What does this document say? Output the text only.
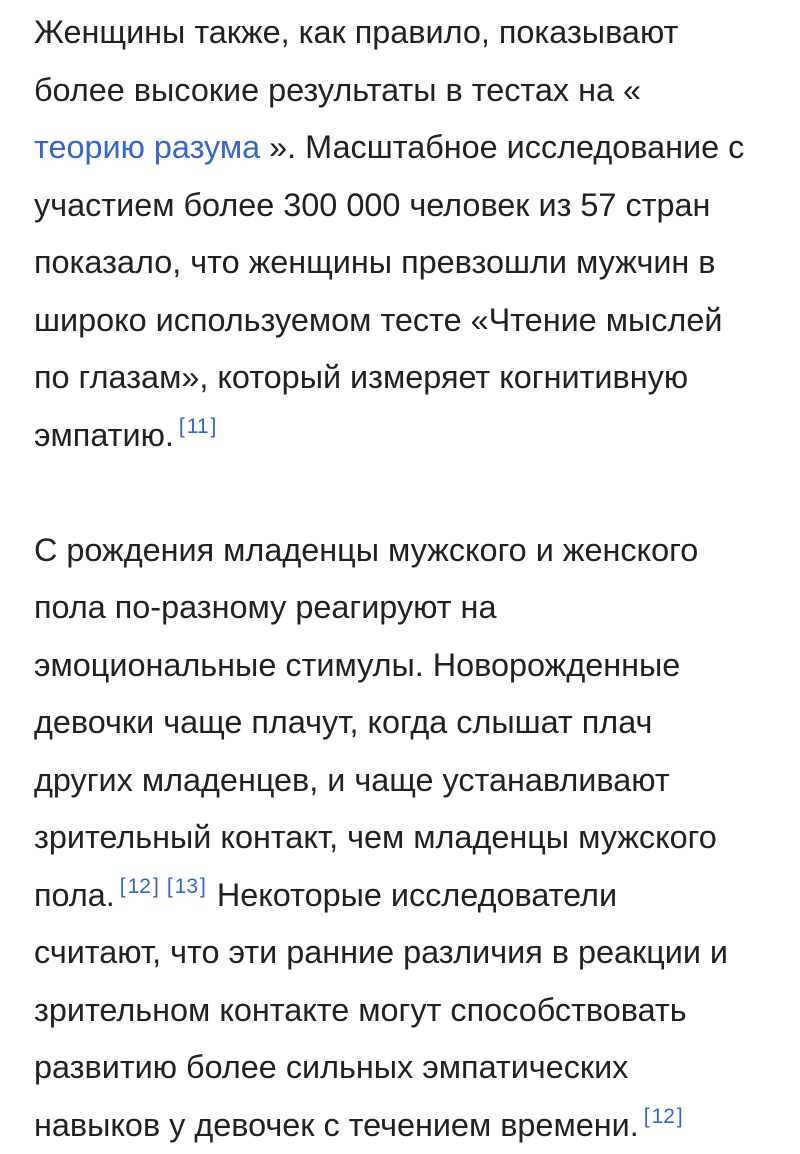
Женщины также, как правило, показывают
более высокие результаты в тестах на «
теорию разума ». Масштабное исследование с
участием более 300 000 человек из 57 стран
показало, что женщины превзошли мужчин в
широко используемом тесте «Чтение мыслей
по глазам», который измеряет когнитивную
эмпатию. [11]

С рождения младенцы мужского и женского
пола по-разному реагируют на
эмоциональные стимулы. Новорожденные
девочки чаще плачут, когда слышат плач
других младенцев, и чаще устанавливают
зрительный контакт, чем младенцы мужского
пола. [12] [13] Некоторые исследователи
считают, что эти ранние различия в реакции и
зрительном контакте могут способствовать
развитию более сильных эмпатических
навыков у девочек с течением времени. [12]
